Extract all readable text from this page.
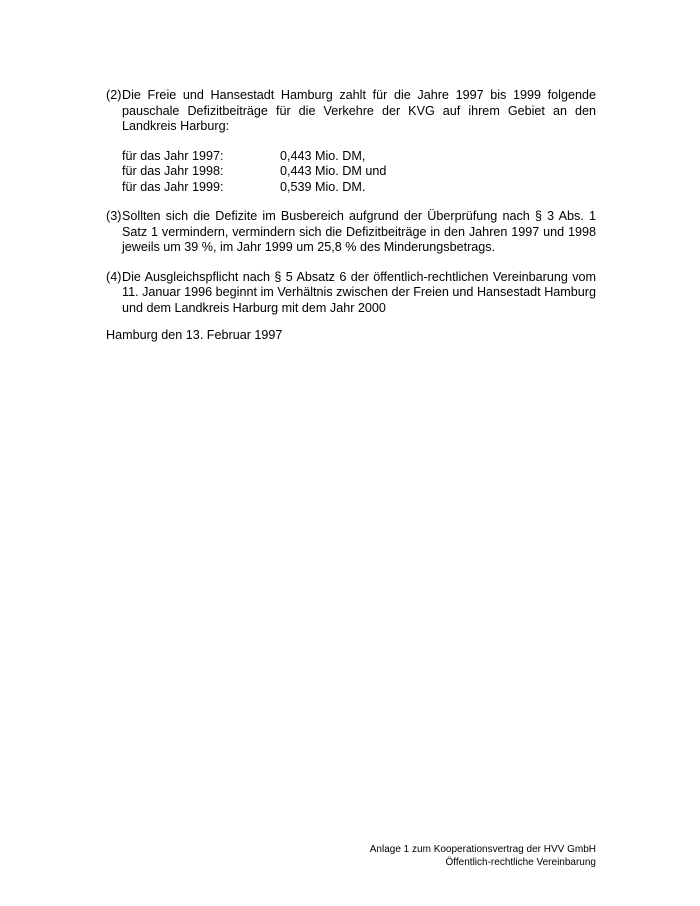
(2) Die Freie und Hansestadt Hamburg zahlt für die Jahre 1997 bis 1999 folgende pauschale Defizitbeiträge für die Verkehre der KVG auf ihrem Gebiet an den Landkreis Harburg:

für das Jahr 1997:	0,443 Mio. DM,
für das Jahr 1998:	0,443 Mio. DM und
für das Jahr 1999:	0,539 Mio. DM.

(3) Sollten sich die Defizite im Busbereich aufgrund der Überprüfung nach § 3 Abs. 1 Satz 1 vermindern, vermindern sich die Defizitbeiträge in den Jahren 1997 und 1998 jeweils um 39 %, im Jahr 1999 um 25,8 % des Minderungsbetrags.

(4) Die Ausgleichspflicht nach § 5 Absatz 6 der öffentlich-rechtlichen Vereinbarung vom 11. Januar 1996 beginnt im Verhältnis zwischen der Freien und Hansestadt Hamburg und dem Landkreis Harburg mit dem Jahr 2000

Hamburg den 13. Februar 1997
Anlage 1 zum Kooperationsvertrag der HVV GmbH
Öffentlich-rechtliche Vereinbarung
